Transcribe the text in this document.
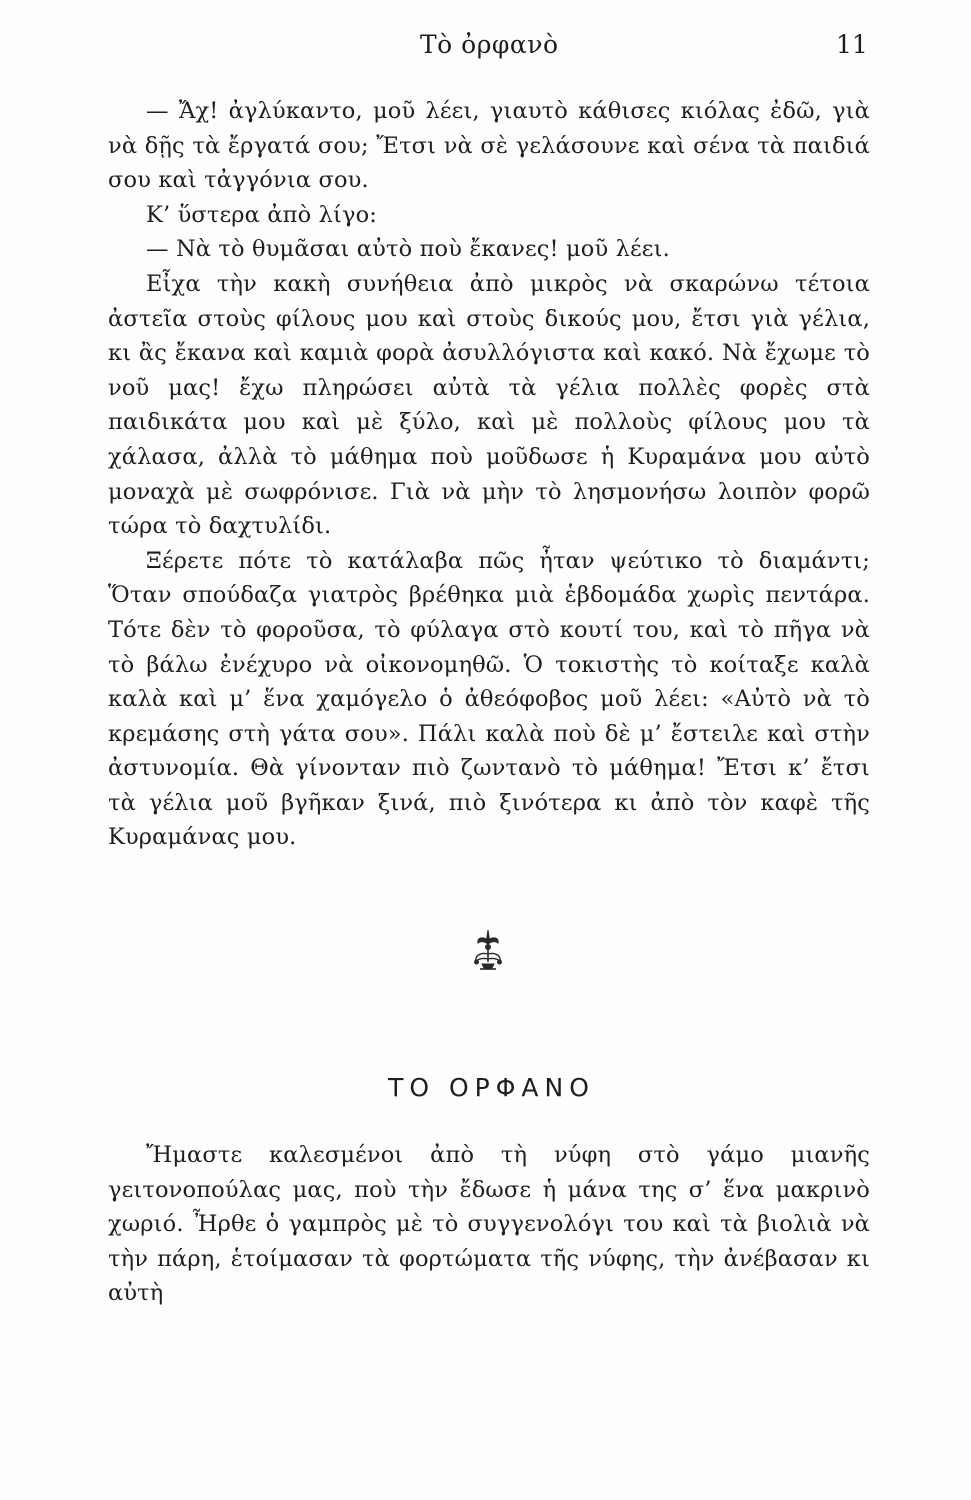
Τὸ ὀρφανὸ	11

— Ἄχ! ἀγλύκαντο, μοῦ λέει, γιαυτὸ κάθισες κιόλας ἐδῶ, γιὰ νὰ δῇς τὰ ἔργατά σου; Ἔτσι νὰ σὲ γελάσουνε καὶ σένα τὰ παιδιά σου καὶ τἀγγόνια σου.

Κ’ ὕστερα ἀπὸ λίγο:

— Νὰ τὸ θυμᾶσαι αὐτὸ ποὺ ἔκανες! μοῦ λέει.

Εἶχα τὴν κακὴ συνήθεια ἀπὸ μικρὸς νὰ σκαρώνω τέτοια ἀστεῖα στοὺς φίλους μου καὶ στοὺς δικούς μου, ἔτσι γιὰ γέλια, κι ἂς ἔκανα καὶ καμιὰ φορὰ ἀσυλλόγιστα καὶ κακό. Νὰ ἔχωμε τὸ νοῦ μας! ἔχω πληρώσει αὐτὰ τὰ γέλια πολλὲς φορὲς στὰ παιδικάτα μου καὶ μὲ ξύλο, καὶ μὲ πολλοὺς φίλους μου τὰ χάλασα, ἀλλὰ τὸ μάθημα ποὺ μοῦδωσε ἡ Κυραμάνα μου αὐτὸ μοναχὰ μὲ σωφρόνισε. Γιὰ νὰ μὴν τὸ λησμονήσω λοιπὸν φορῶ τώρα τὸ δαχτυλίδι.

Ξέρετε πότε τὸ κατάλαβα πῶς ἦταν ψεύτικο τὸ διαμάντι; Ὅταν σπούδαζα γιατρὸς βρέθηκα μιὰ ἑβδομάδα χωρὶς πεντάρα. Τότε δὲν τὸ φοροῦσα, τὸ φύλαγα στὸ κουτί του, καὶ τὸ πῆγα νὰ τὸ βάλω ἐνέχυρο νὰ οἰκονομηθῶ. Ὁ τοκιστὴς τὸ κοίταξε καλὰ καλὰ καὶ μ’ ἕνα χαμόγελο ὁ ἀθεόφοβος μοῦ λέει: «Αὐτὸ νὰ τὸ κρεμάσης στὴ γάτα σου». Πάλι καλὰ ποὺ δὲ μ’ ἔστειλε καὶ στὴν ἀστυνομία. Θὰ γίνονταν πιὸ ζωντανὸ τὸ μάθημα! Ἔτσι κ’ ἔτσι τὰ γέλια μοῦ βγῆκαν ξινά, πιὸ ξινότερα κι ἀπὸ τὸν καφὲ τῆς Κυραμάνας μου.

ΤΟ ΟΡΦΑΝΟ

Ἤμαστε καλεσμένοι ἀπὸ τὴ νύφη στὸ γάμο μιανῆς γειτονοπούλας μας, ποὺ τὴν ἔδωσε ἡ μάνα της σ’ ἕνα μακρινὸ χωριό. Ἦρθε ὁ γαμπρὸς μὲ τὸ συγγενολόγι του καὶ τὰ βιολιὰ νὰ τὴν πάρη, ἑτοίμασαν τὰ φορτώματα τῆς νύφης, τὴν ἀνέβασαν κι αὐτὴ
